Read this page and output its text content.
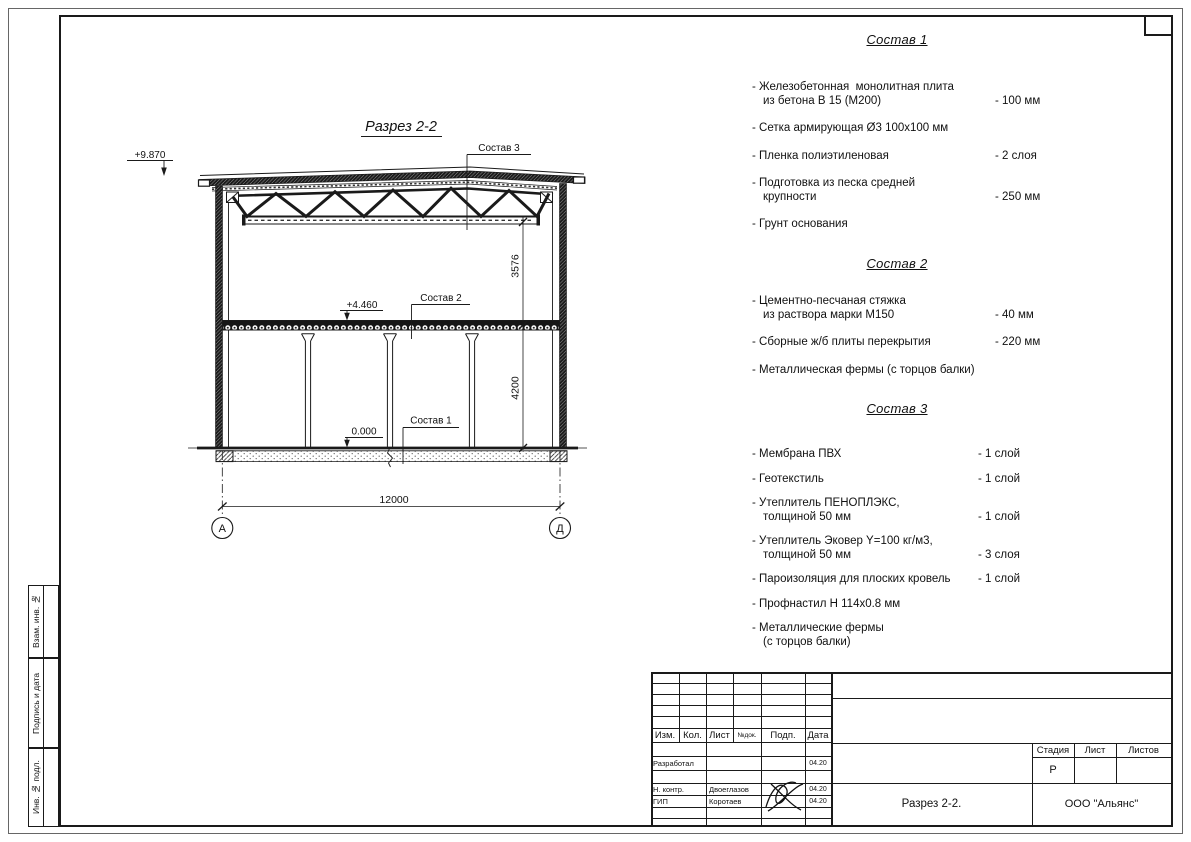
Взам. инв. №
Подпись и дата
Инв. № подл.
Разрез 2-2
3576
4200
12000
А	Д
+9.870
+4.460
0.000
Состав 3
Состав 2
Состав 1
Состав 1
- Железобетонная  монолитная плита
из бетона В 15 (М200)	- 100 мм
- Сетка армирующая Ø3 100х100 мм
- Пленка полиэтиленовая	- 2 слоя
- Подготовка из песка средней
крупности	- 250 мм
- Грунт основания
Состав 2
- Цементно-песчаная стяжка
из раствора марки М150	- 40 мм
- Сборные ж/б плиты перекрытия	- 220 мм
- Металлическая фермы (с торцов балки)
Состав 3
- Мембрана ПВХ	- 1 слой
- Геотекстиль	- 1 слой
- Утеплитель ПЕНОПЛЭКС,
толщиной 50 мм	- 1 слой
- Утеплитель Эковер Y=100 кг/м3,
толщиной 50 мм	- 3 слоя
- Пароизоляция для плоских кровель	- 1 слой
- Профнастил Н 114х0.8 мм
- Металлические фермы
(с торцов балки)
Изм. Кол. Лист	№док.	Подп.	Дата
Разработал	04.20
Н. контр.	Двоеглазов	04.20
ГИП	Коротаев	04.20
Стадия	Лист	Листов
Р
Разрез 2-2.	ООО "Альянс"
